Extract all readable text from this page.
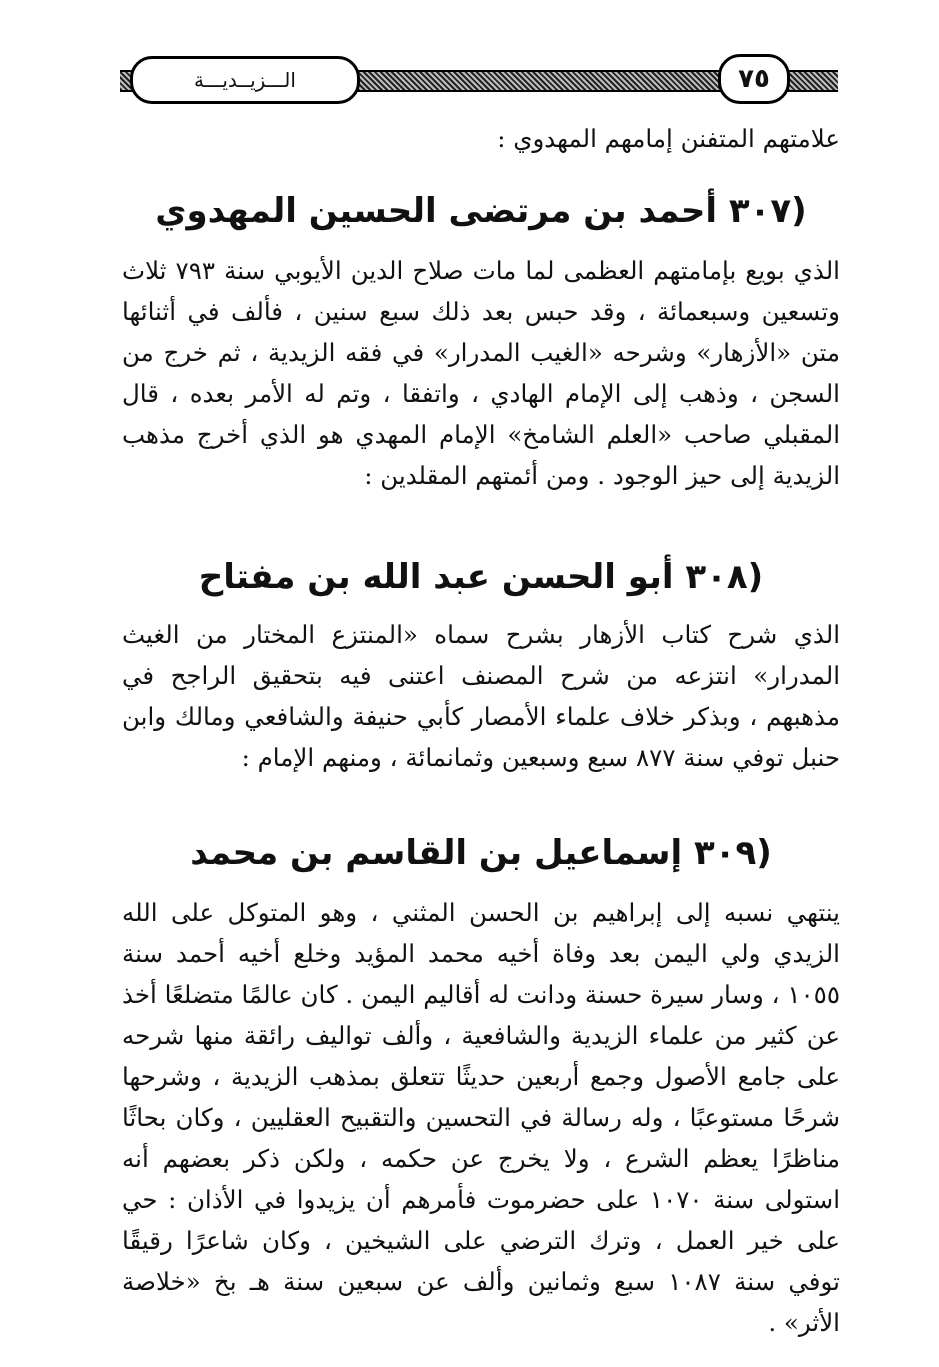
الـــزيــديـــة	٧٥

علامتهم المتفنن إمامهم المهدوي :

(٣٠٧ أحمد بن مرتضى الحسين المهدوي

الذي بويع بإمامتهم العظمى لما مات صلاح الدين الأيوبي سنة ٧٩٣ ثلاث وتسعين وسبعمائة ، وقد حبس بعد ذلك سبع سنين ، فألف في أثنائها متن «الأزهار» وشرحه «الغيب المدرار» في فقه الزيدية ، ثم خرج من السجن ، وذهب إلى الإمام الهادي ، واتفقا ، وتم له الأمر بعده ، قال المقبلي صاحب «العلم الشامخ» الإمام المهدي هو الذي أخرج مذهب الزيدية إلى حيز الوجود . ومن أئمتهم المقلدين :

(٣٠٨ أبو الحسن عبد الله بن مفتاح

الذي شرح كتاب الأزهار بشرح سماه «المنتزع المختار من الغيث المدرار» انتزعه من شرح المصنف اعتنى فيه بتحقيق الراجح في مذهبهم ، وبذكر خلاف علماء الأمصار كأبي حنيفة والشافعي ومالك وابن حنبل توفي سنة ٨٧٧ سبع وسبعين وثمانمائة ، ومنهم الإمام :

(٣٠٩ إسماعيل بن القاسم بن محمد

ينتهي نسبه إلى إبراهيم بن الحسن المثني ، وهو المتوكل على الله الزيدي ولي اليمن بعد وفاة أخيه محمد المؤيد وخلع أخيه أحمد سنة ١٠٥٥ ، وسار سيرة حسنة ودانت له أقاليم اليمن . كان عالمًا متضلعًا أخذ عن كثير من علماء الزيدية والشافعية ، وألف تواليف رائقة منها شرحه على جامع الأصول وجمع أربعين حديثًا تتعلق بمذهب الزيدية ، وشرحها شرحًا مستوعبًا ، وله رسالة في التحسين والتقبيح العقليين ، وكان بحاثًا مناظرًا يعظم الشرع ، ولا يخرج عن حكمه ، ولكن ذكر بعضهم أنه استولى سنة ١٠٧٠ على حضرموت فأمرهم أن يزيدوا في الأذان : حي على خير العمل ، وترك الترضي على الشيخين ، وكان شاعرًا رقيقًا توفي سنة ١٠٨٧ سبع وثمانين وألف عن سبعين سنة هـ بخ «خلاصة الأثر» .
